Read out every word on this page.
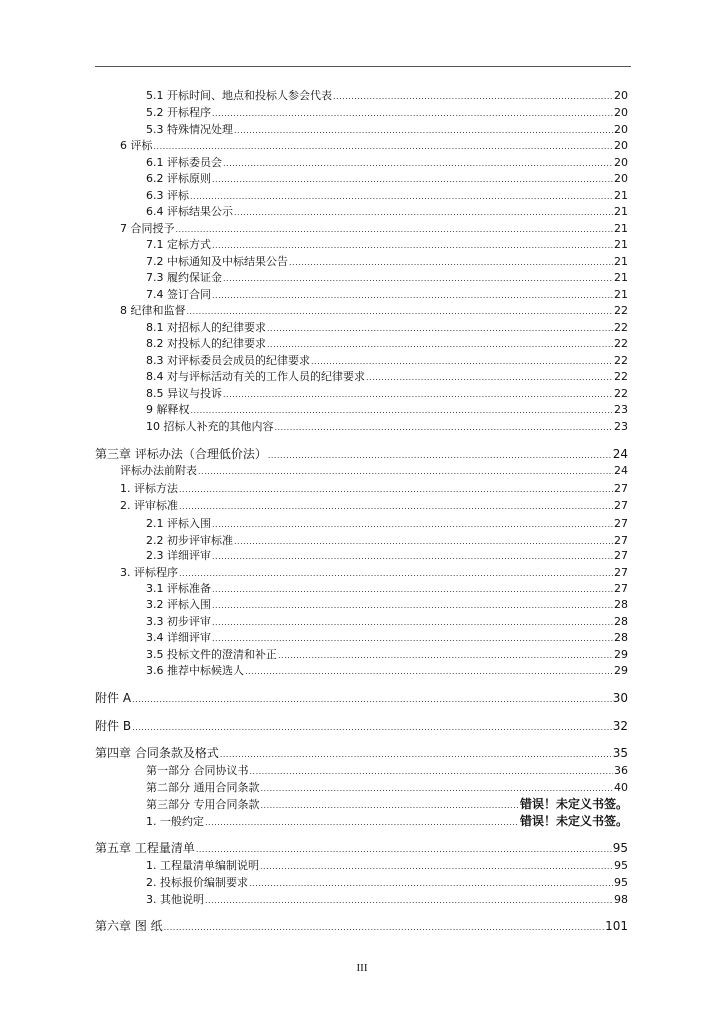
5.1 开标时间、地点和投标人参会代表 .....	20
5.2 开标程序 .....	20
5.3 特殊情况处理 .....	20
6 评标 .....	20
6.1 评标委员会 .....	20
6.2 评标原则 .....	20
6.3 评标 .....	21
6.4 评标结果公示 .....	21
7 合同授予 .....	21
7.1 定标方式 .....	21
7.2 中标通知及中标结果公告 .....	21
7.3 履约保证金 .....	21
7.4 签订合同 .....	21
8 纪律和监督 .....	22
8.1 对招标人的纪律要求 .....	22
8.2 对投标人的纪律要求 .....	22
8.3 对评标委员会成员的纪律要求 .....	22
8.4 对与评标活动有关的工作人员的纪律要求 .....	22
8.5 异议与投诉 .....	22
9 解释权 .....	23
10 招标人补充的其他内容 .....	23
第三章 评标办法（合理低价法） .....	24
评标办法前附表 .....	24
1. 评标方法 .....	27
2. 评审标准 .....	27
2.1 评标入围 .....	27
2.2 初步评审标准 .....	27
2.3 详细评审 .....	27
3. 评标程序 .....	27
3.1 评标准备 .....	27
3.2 评标入围 .....	28
3.3 初步评审 .....	28
3.4 详细评审 .....	28
3.5 投标文件的澄清和补正 .....	29
3.6 推荐中标候选人 .....	29
附件 A .....	30
附件 B .....	32
第四章 合同条款及格式 .....	35
第一部分 合同协议书 .....	36
第二部分 通用合同条款 .....	40
第三部分 专用合同条款 .....	错误！未定义书签。
1. 一般约定 .....	错误！未定义书签。
第五章 工程量清单 .....	95
1. 工程量清单编制说明 .....	95
2. 投标报价编制要求 .....	95
3. 其他说明 .....	98
第六章 图 纸 .....	101
III
